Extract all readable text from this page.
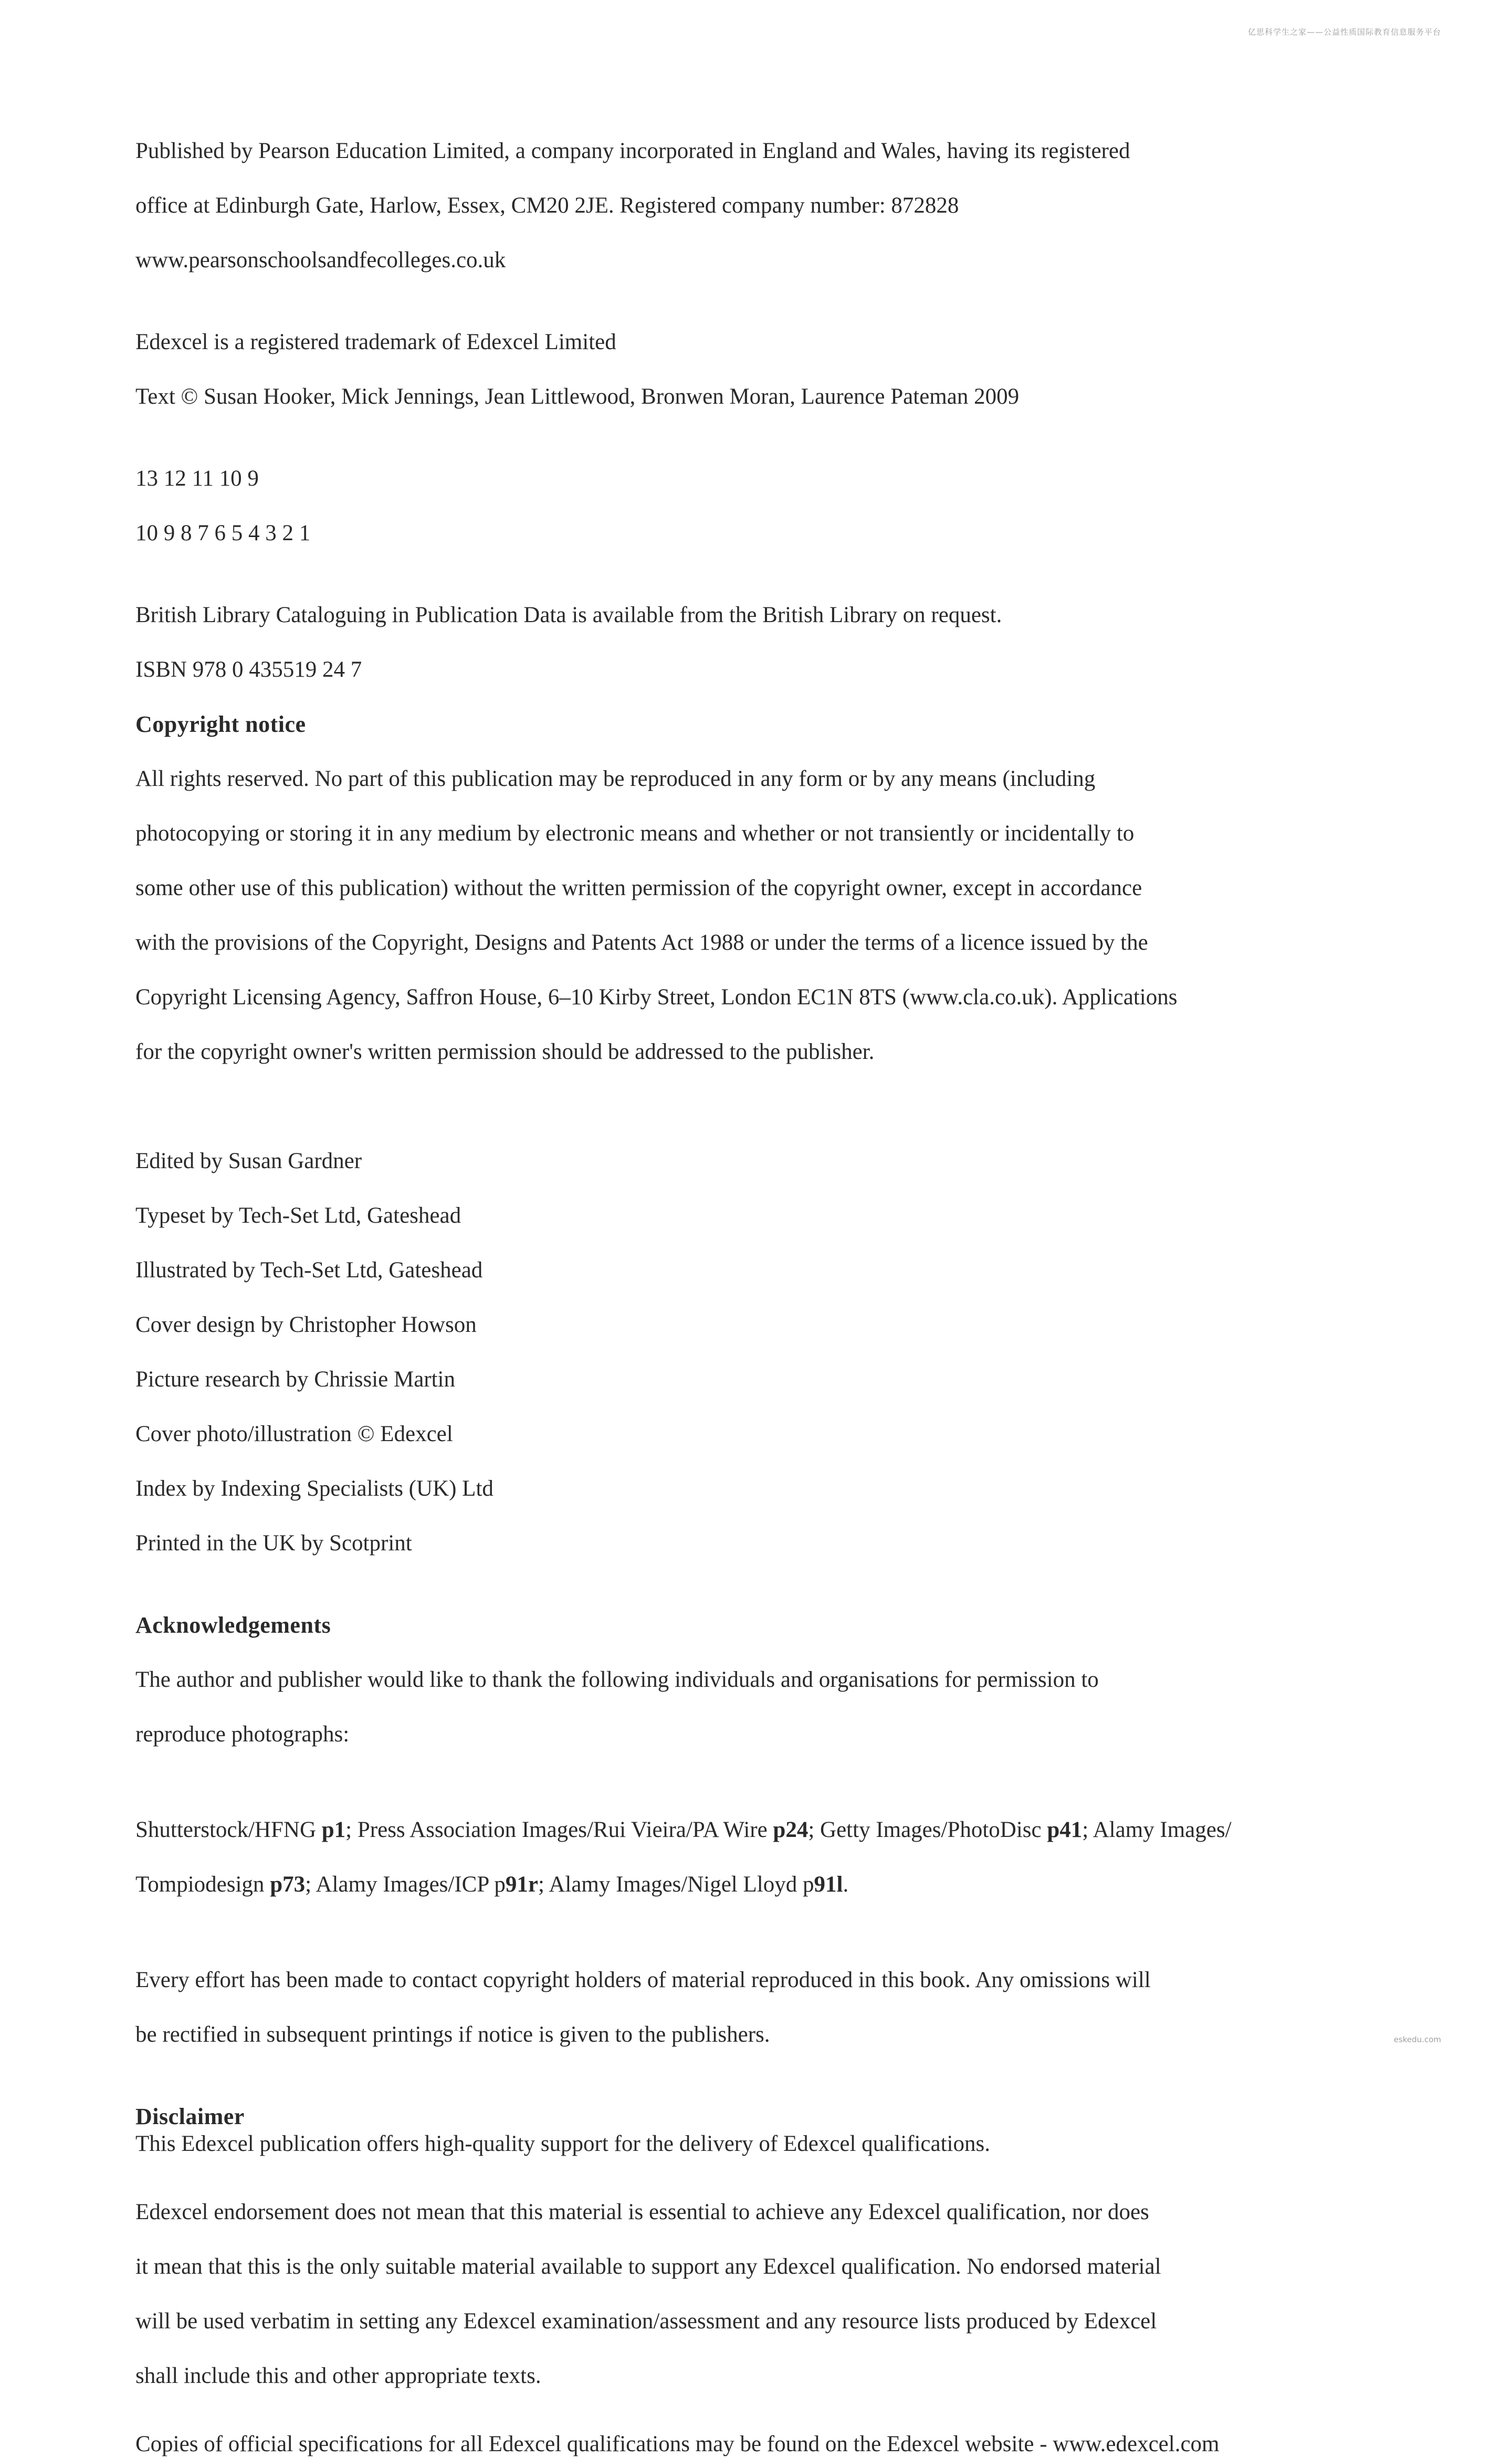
亿思科学生之家——公益性质国际教育信息服务平台

Published by Pearson Education Limited, a company incorporated in England and Wales, having its registered

office at Edinburgh Gate, Harlow, Essex, CM20 2JE. Registered company number: 872828

www.pearsonschoolsandfecolleges.co.uk

Edexcel is a registered trademark of Edexcel Limited

Text © Susan Hooker, Mick Jennings, Jean Littlewood, Bronwen Moran, Laurence Pateman 2009

13 12 11 10 9

10 9 8 7 6 5 4 3 2 1

British Library Cataloguing in Publication Data is available from the British Library on request.

ISBN 978 0 435519 24 7

Copyright notice

All rights reserved. No part of this publication may be reproduced in any form or by any means (including

photocopying or storing it in any medium by electronic means and whether or not transiently or incidentally to

some other use of this publication) without the written permission of the copyright owner, except in accordance

with the provisions of the Copyright, Designs and Patents Act 1988 or under the terms of a licence issued by the

Copyright Licensing Agency, Saffron House, 6–10 Kirby Street, London EC1N 8TS (www.cla.co.uk). Applications

for the copyright owner's written permission should be addressed to the publisher.

Edited by Susan Gardner

Typeset by Tech-Set Ltd, Gateshead

Illustrated by Tech-Set Ltd, Gateshead

Cover design by Christopher Howson

Picture research by Chrissie Martin

Cover photo/illustration © Edexcel

Index by Indexing Specialists (UK) Ltd

Printed in the UK by Scotprint

Acknowledgements

The author and publisher would like to thank the following individuals and organisations for permission to

reproduce photographs:

Shutterstock/HFNG p1; Press Association Images/Rui Vieira/PA Wire p24; Getty Images/PhotoDisc p41; Alamy Images/

Tompiodesign p73; Alamy Images/ICP p91r; Alamy Images/Nigel Lloyd p91l.

Every effort has been made to contact copyright holders of material reproduced in this book. Any omissions will

be rectified in subsequent printings if notice is given to the publishers.

Disclaimer

This Edexcel publication offers high-quality support for the delivery of Edexcel qualifications.

Edexcel endorsement does not mean that this material is essential to achieve any Edexcel qualification, nor does

it mean that this is the only suitable material available to support any Edexcel qualification. No endorsed material

will be used verbatim in setting any Edexcel examination/assessment and any resource lists produced by Edexcel

shall include this and other appropriate texts.

Copies of official specifications for all Edexcel qualifications may be found on the Edexcel website - www.edexcel.com

eskedu.com
